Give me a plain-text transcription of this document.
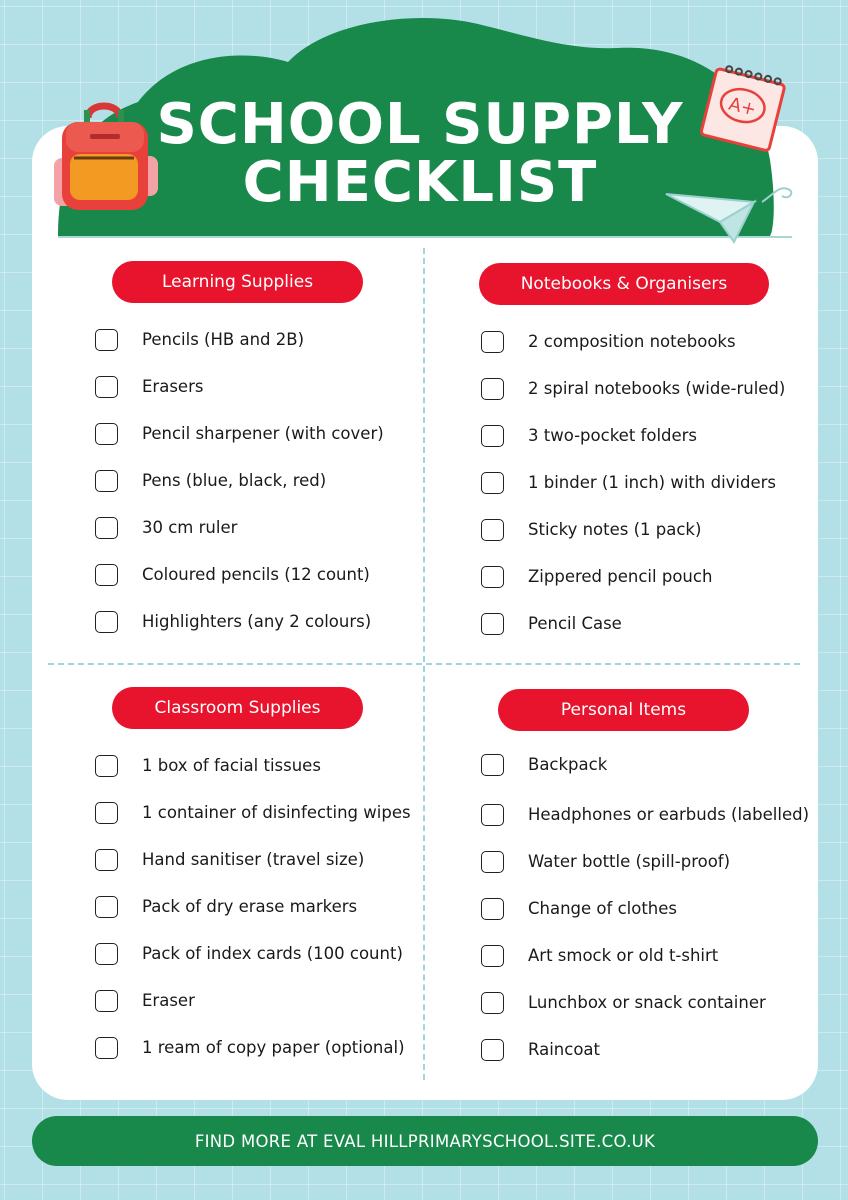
SCHOOL SUPPLY
CHECKLIST
A+
Learning Supplies
Pencils (HB and 2B)
Erasers
Pencil sharpener (with cover)
Pens (blue, black, red)
30 cm ruler
Coloured pencils (12 count)
Highlighters (any 2 colours)
Notebooks & Organisers
2 composition notebooks
2 spiral notebooks (wide-ruled)
3 two-pocket folders
1 binder (1 inch) with dividers
Sticky notes (1 pack)
Zippered pencil pouch
Pencil Case
Classroom Supplies
1 box of facial tissues
1 container of disinfecting wipes
Hand sanitiser (travel size)
Pack of dry erase markers
Pack of index cards (100 count)
Eraser
1 ream of copy paper (optional)
Personal Items
Backpack
Headphones or earbuds (labelled)
Water bottle (spill-proof)
Change of clothes
Art smock or old t-shirt
Lunchbox or snack container
Raincoat
FIND MORE AT EVAL HILLPRIMARYSCHOOL.SITE.CO.UK
